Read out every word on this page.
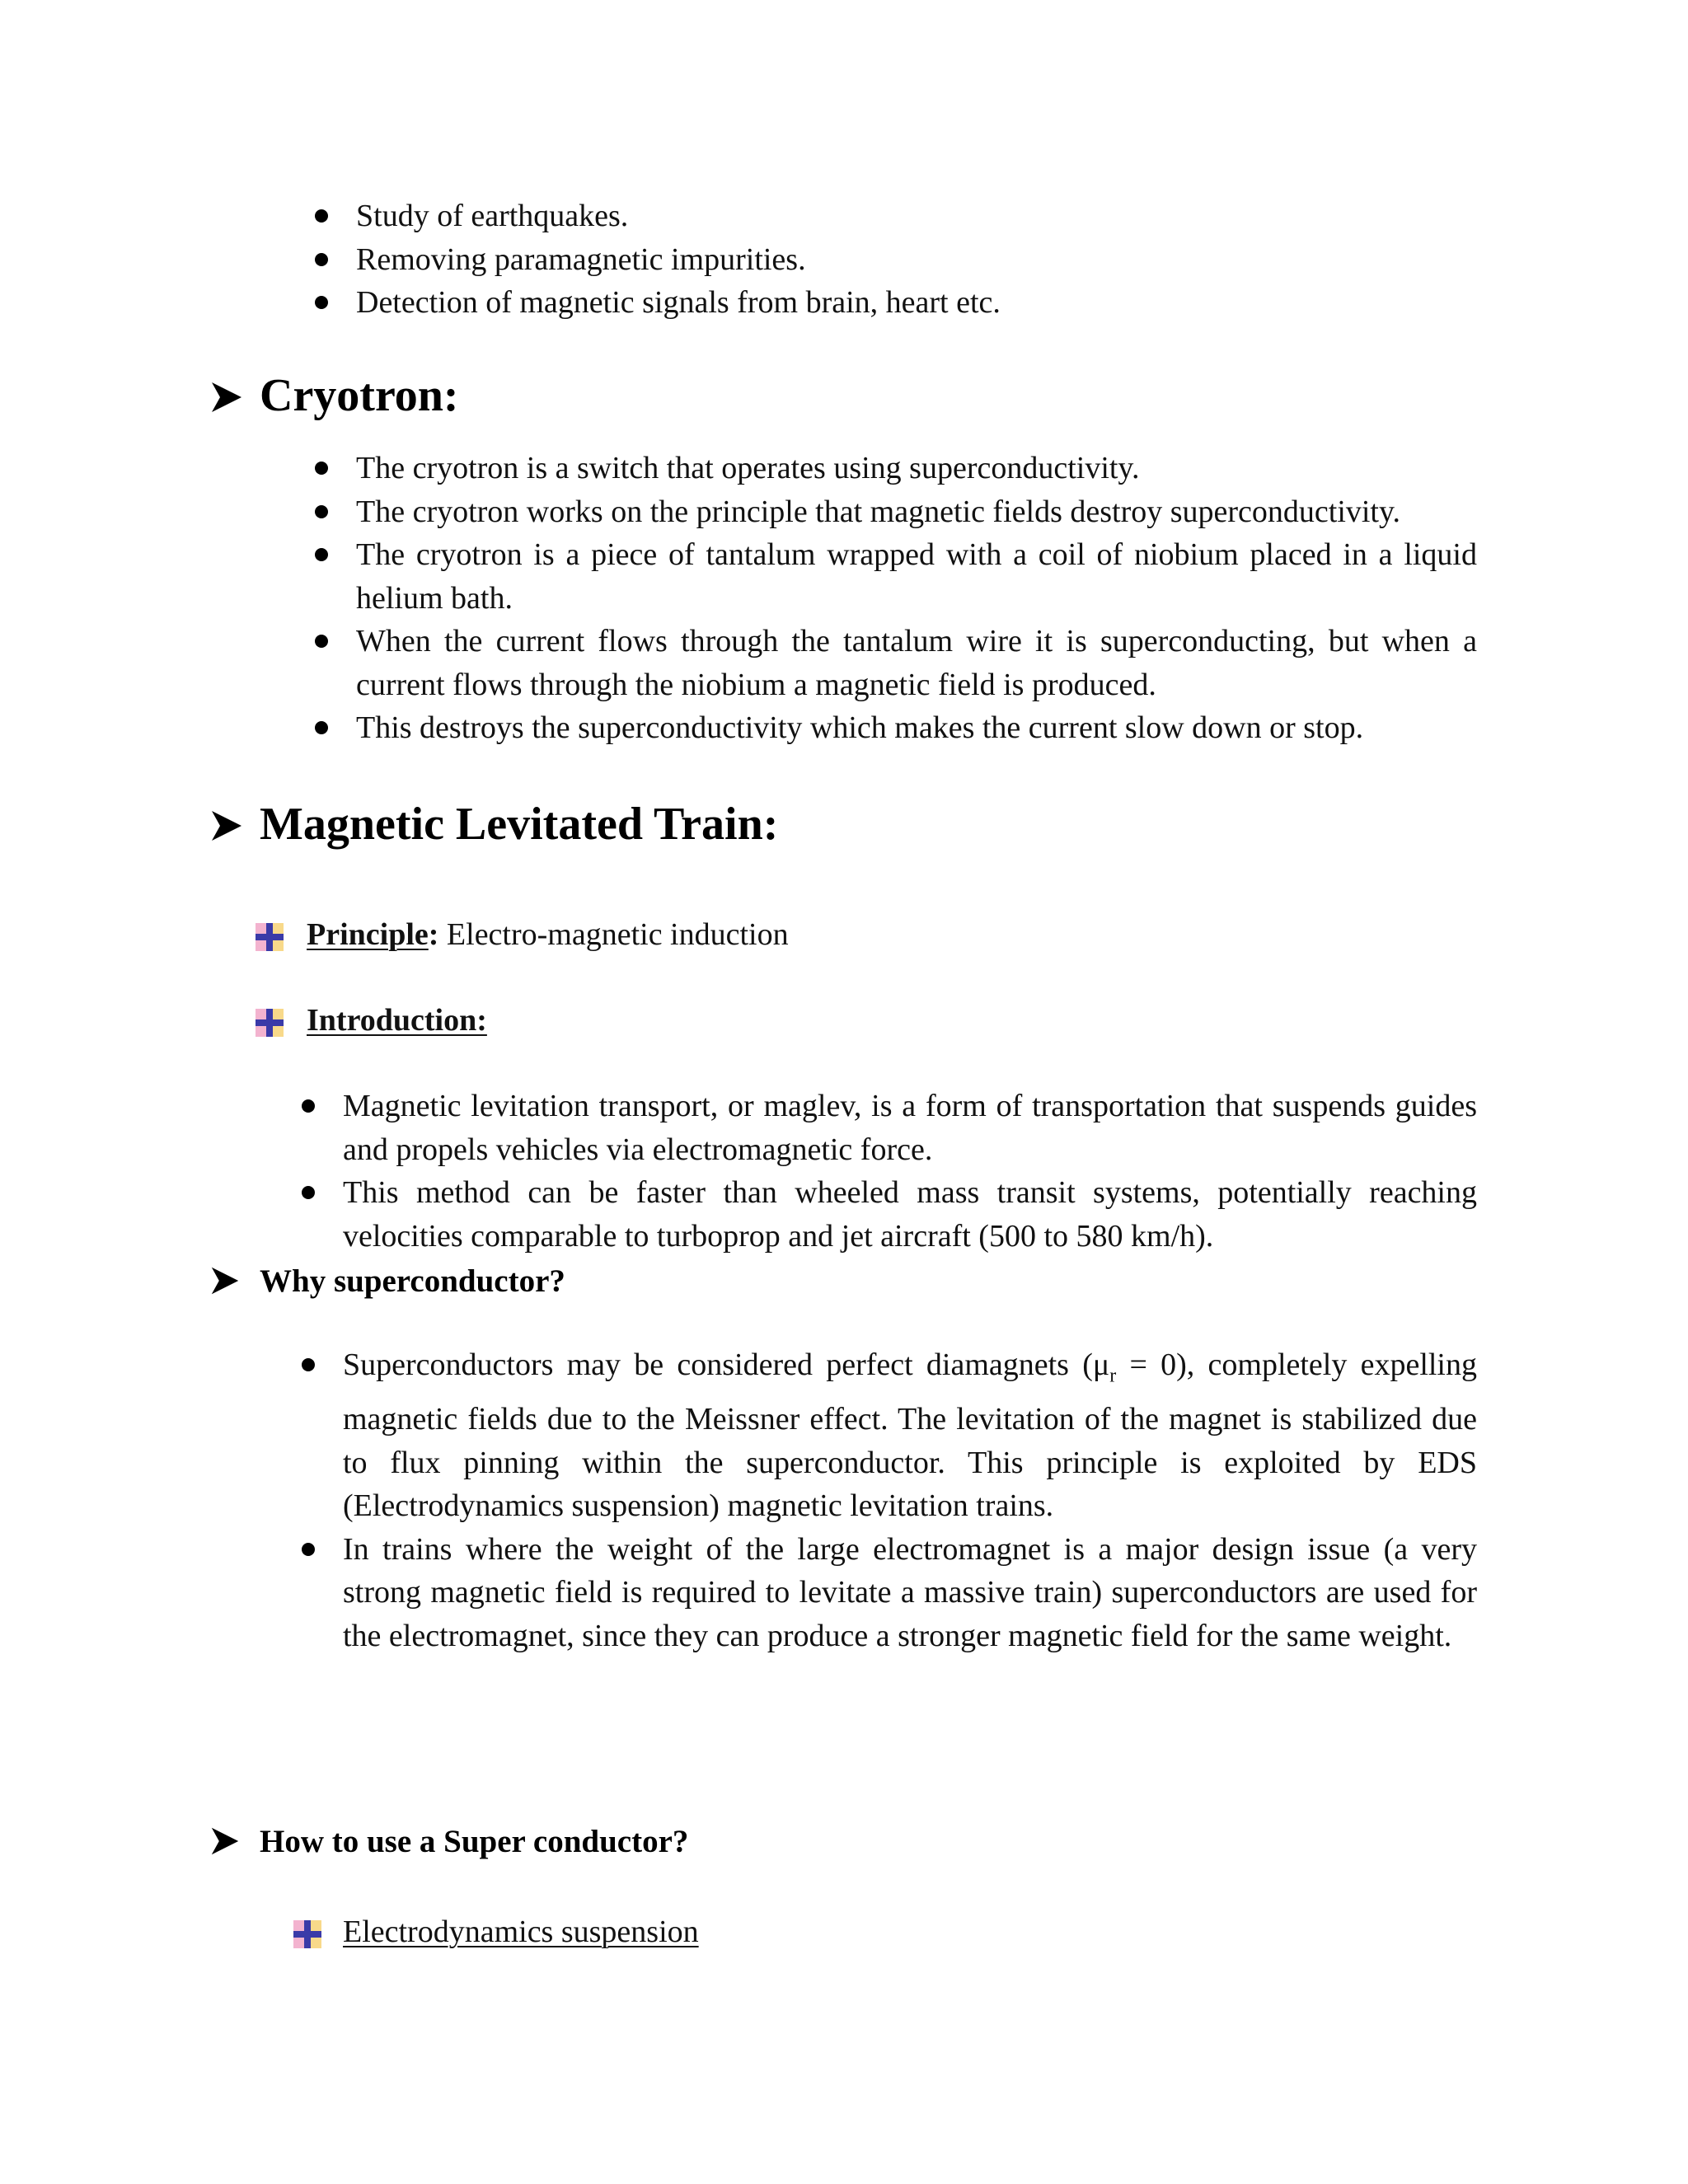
Study of earthquakes.
Removing paramagnetic impurities.
Detection of magnetic signals from brain, heart etc.
Cryotron:
The cryotron is a switch that operates using superconductivity.
The cryotron works on the principle that magnetic fields destroy superconductivity.
The cryotron is a piece of tantalum wrapped with a coil of niobium placed in a liquid helium bath.
When the current flows through the tantalum wire it is superconducting, but when a current flows through the niobium a magnetic field is produced.
This destroys the superconductivity which makes the current slow down or stop.
Magnetic Levitated Train:
Principle: Electro-magnetic induction
Introduction:
Magnetic levitation transport, or maglev, is a form of transportation that suspends guides and propels vehicles via electromagnetic force.
This method can be faster than wheeled mass transit systems, potentially reaching velocities comparable to turboprop and jet aircraft (500 to 580 km/h).
Why superconductor?
Superconductors may be considered perfect diamagnets $(\mu_r = 0)$, completely expelling magnetic fields due to the Meissner effect. The levitation of the magnet is stabilized due to flux pinning within the superconductor. This principle is exploited by EDS (Electrodynamics suspension) magnetic levitation trains.
In trains where the weight of the large electromagnet is a major design issue (a very strong magnetic field is required to levitate a massive train) superconductors are used for the electromagnet, since they can produce a stronger magnetic field for the same weight.
How to use a Super conductor?
Electrodynamics suspension
